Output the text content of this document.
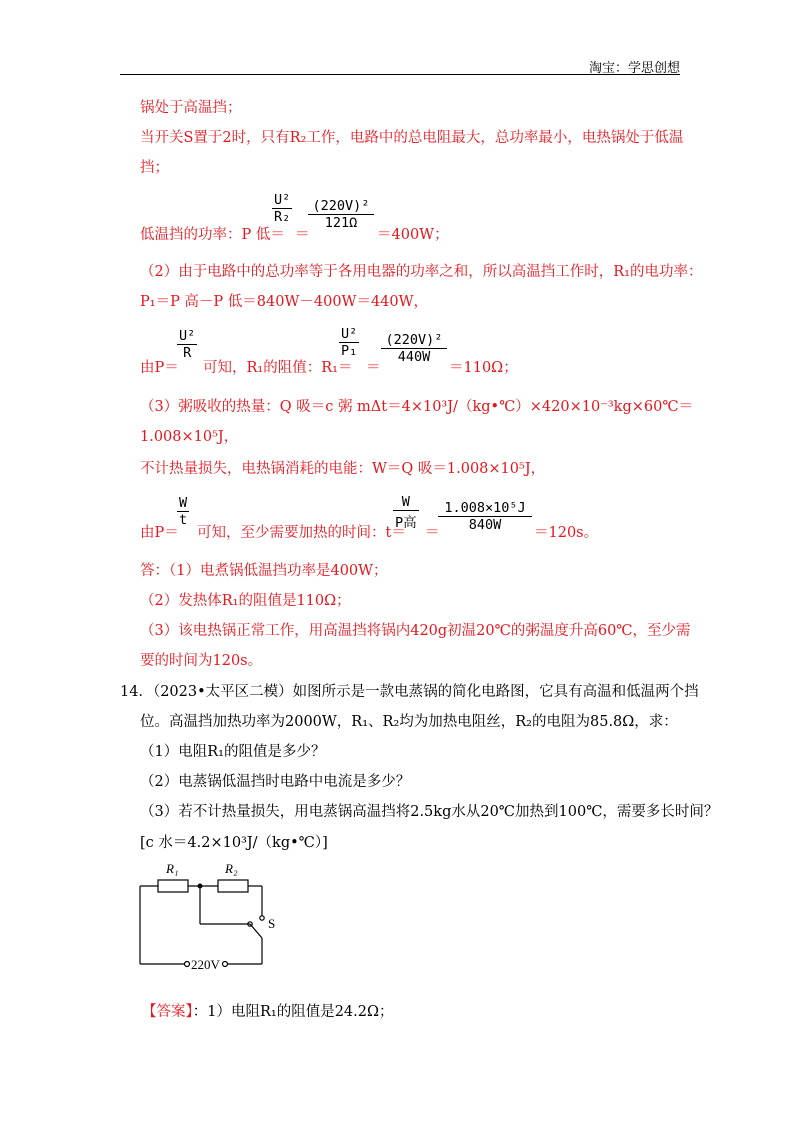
淘宝：学思创想
锅处于高温挡；
当开关S置于2时，只有R₂工作，电路中的总电阻最大，总功率最小，电热锅处于低温
挡；
低温挡的功率：P 低＝
U²
R₂
＝
(220V)²
121Ω
＝400W；
（2）由于电路中的总功率等于各用电器的功率之和，所以高温挡工作时，R₁的电功率：
P₁＝P 高－P 低＝840W－400W＝440W，
由P＝
U²
R
可知，R₁的阻值：R₁＝
U²
P₁
＝
(220V)²
440W
＝110Ω；
（3）粥吸收的热量：Q 吸＝c 粥 mΔt＝4×10³J/（kg•℃）×420×10⁻³kg×60℃＝
1.008×10⁵J，
不计热量损失，电热锅消耗的电能：W＝Q 吸＝1.008×10⁵J，
由P＝
W
t
可知，至少需要加热的时间：t＝
W
P高
＝
1.008×10⁵J
840W	＝120s。
答：（1）电煮锅低温挡功率是400W；
（2）发热体R₁的阻值是110Ω；
（3）该电热锅正常工作，用高温挡将锅内420g初温20℃的粥温度升高60℃，至少需
要的时间为120s。
14．（2023•太平区二模）如图所示是一款电蒸锅的简化电路图，它具有高温和低温两个挡
位。高温挡加热功率为2000W，R₁、R₂均为加热电阻丝，R₂的电阻为85.8Ω，求：
（1）电阻R₁的阻值是多少？
（2）电蒸锅低温挡时电路中电流是多少？
（3）若不计热量损失，用电蒸锅高温挡将2.5kg水从20℃加热到100℃，需要多长时间？
[c 水＝4.2×10³J/（kg•℃）]
R₁	R₂
S
220V
【答案】：1）电阻R₁的阻值是24.2Ω；
